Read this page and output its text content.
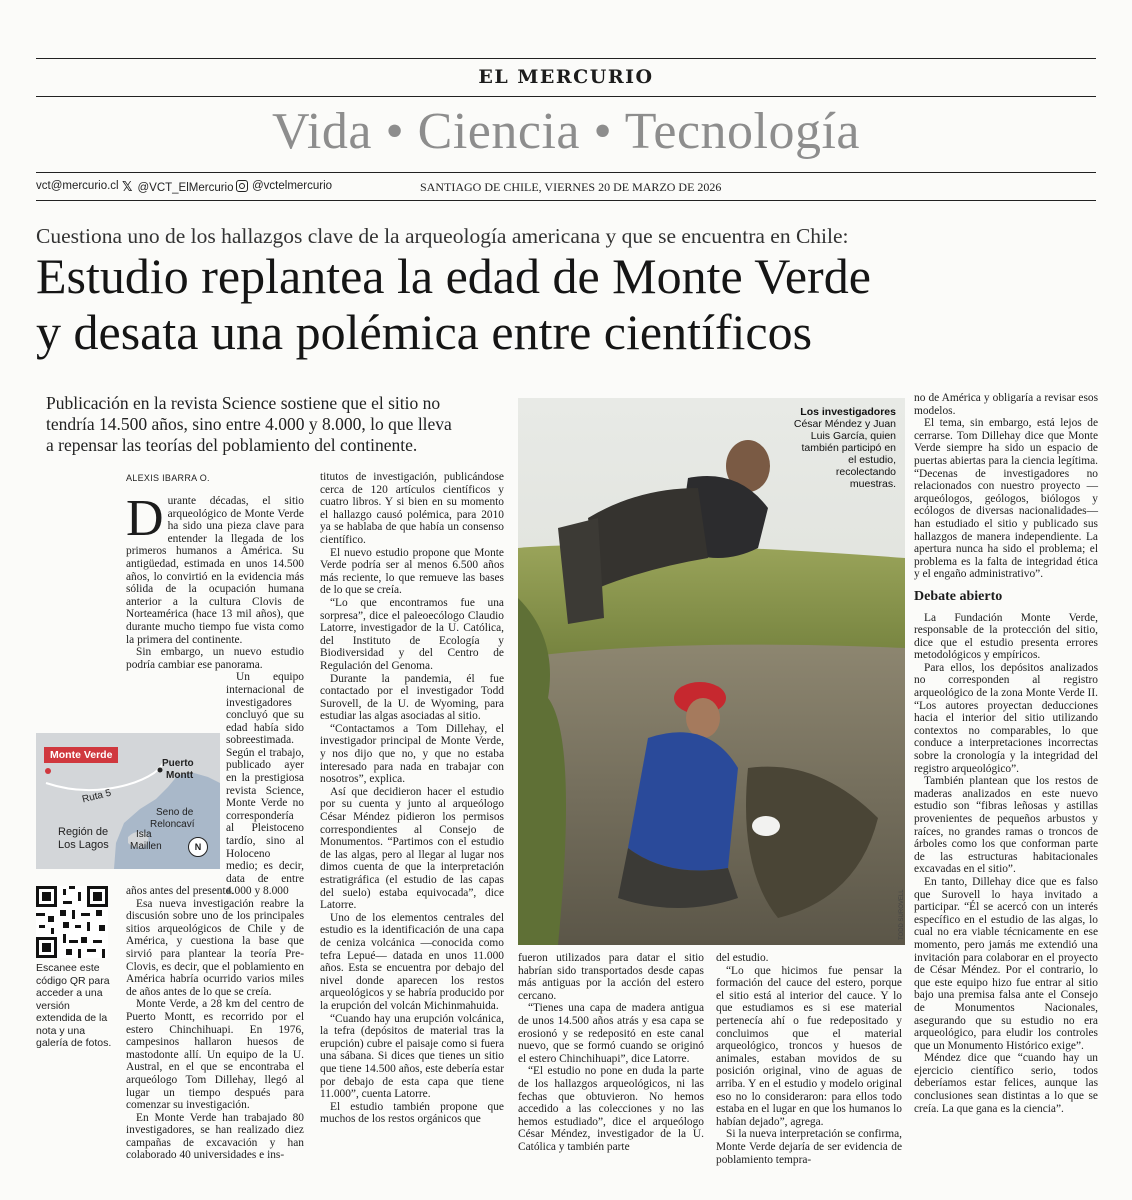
EL MERCURIO
Vida • Ciencia • Tecnología
vct@mercurio.cl 𝕏 @VCT_ElMercurio @vctelmercurio	SANTIAGO DE CHILE, VIERNES 20 DE MARZO DE 2026
Cuestiona uno de los hallazgos clave de la arqueología americana y que se encuentra en Chile:
Estudio replantea la edad de Monte Verde
y desata una polémica entre científicos
Publicación en la revista Science sostiene que el sitio no
tendría 14.500 años, sino entre 4.000 y 8.000, lo que lleva
a repensar las teorías del poblamiento del continente.
ALEXIS IBARRA O.
Monte Verde
Puerto
Montt
Ruta 5
Seno de
Reloncaví
Isla
Maillen
Región de
Los Lagos	N
Escanee este código QR para acceder a una versión extendida de la nota y una galería de fotos.
Los investigadores
César Méndez y Juan Luis García, quien también participó en el estudio, recolectando muestras.
TODD SUROVELL

Durante décadas, el sitio arqueológico de Monte Verde ha sido una pieza clave para entender la llegada de los primeros humanos a América. Su antigüedad, estimada en unos 14.500 años, lo convirtió en la evidencia más sólida de la ocupación humana anterior a la cultura Clovis de Norteamérica (hace 13 mil años), que durante mucho tiempo fue vista como la primera del continente.

Sin embargo, un nuevo estudio podría cambiar ese panorama.

Un equipo internacional de investigadores concluyó que su edad había sido sobreestimada. Según el trabajo, publicado ayer en la prestigiosa revista Science, Monte Verde no correspondería al Pleistoceno tardío, sino al Holoceno medio; es decir, data de entre 4.000 y 8.000

años antes del presente.

Esa nueva investigación reabre la discusión sobre uno de los principales sitios arqueológicos de Chile y de América, y cuestiona la base que sirvió para plantear la teoría Pre-Clovis, es decir, que el poblamiento en América habría ocurrido varios miles de años antes de lo que se creía.

Monte Verde, a 28 km del centro de Puerto Montt, es recorrido por el estero Chinchihuapi. En 1976, campesinos hallaron huesos de mastodonte allí. Un equipo de la U. Austral, en el que se encontraba el arqueólogo Tom Dillehay, llegó al lugar un tiempo después para comenzar su investigación.

En Monte Verde han trabajado 80 investigadores, se han realizado diez campañas de excavación y han colaborado 40 universidades e ins-

titutos de investigación, publicándose cerca de 120 artículos científicos y cuatro libros. Y si bien en su momento el hallazgo causó polémica, para 2010 ya se hablaba de que había un consenso científico.

El nuevo estudio propone que Monte Verde podría ser al menos 6.500 años más reciente, lo que remueve las bases de lo que se creía.

“Lo que encontramos fue una sorpresa”, dice el paleoecólogo Claudio Latorre, investigador de la U. Católica, del Instituto de Ecología y Biodiversidad y del Centro de Regulación del Genoma.

Durante la pandemia, él fue contactado por el investigador Todd Surovell, de la U. de Wyoming, para estudiar las algas asociadas al sitio.

“Contactamos a Tom Dillehay, el investigador principal de Monte Verde, y nos dijo que no, y que no estaba interesado para nada en trabajar con nosotros”, explica.

Así que decidieron hacer el estudio por su cuenta y junto al arqueólogo César Méndez pidieron los permisos correspondientes al Consejo de Monumentos. “Partimos con el estudio de las algas, pero al llegar al lugar nos dimos cuenta de que la interpretación estratigráfica (el estudio de las capas del suelo) estaba equivocada”, dice Latorre.

Uno de los elementos centrales del estudio es la identificación de una capa de ceniza volcánica —conocida como tefra Lepué— datada en unos 11.000 años. Esta se encuentra por debajo del nivel donde aparecen los restos arqueológicos y se habría producido por la erupción del volcán Michinmahuida.

“Cuando hay una erupción volcánica, la tefra (depósitos de material tras la erupción) cubre el paisaje como si fuera una sábana. Si dices que tienes un sitio que tiene 14.500 años, este debería estar por debajo de esta capa que tiene 11.000”, cuenta Latorre.

El estudio también propone que muchos de los restos orgánicos que

fueron utilizados para datar el sitio habrían sido transportados desde capas más antiguas por la acción del estero cercano.

“Tienes una capa de madera antigua de unos 14.500 años atrás y esa capa se erosionó y se redepositó en este canal nuevo, que se formó cuando se originó el estero Chinchihuapi”, dice Latorre.

“El estudio no pone en duda la parte de los hallazgos arqueológicos, ni las fechas que obtuvieron. No hemos accedido a las colecciones y no las hemos estudiado”, dice el arqueólogo César Méndez, investigador de la U. Católica y también parte

del estudio.

“Lo que hicimos fue pensar la formación del cauce del estero, porque el sitio está al interior del cauce. Y lo que estudiamos es si ese material pertenecía ahí o fue redepositado y concluimos que el material arqueológico, troncos y huesos de animales, estaban movidos de su posición original, vino de aguas de arriba. Y en el estudio y modelo original eso no lo consideraron: para ellos todo estaba en el lugar en que los humanos lo habían dejado”, agrega.

Si la nueva interpretación se confirma, Monte Verde dejaría de ser evidencia de poblamiento tempra-

no de América y obligaría a revisar esos modelos.

El tema, sin embargo, está lejos de cerrarse. Tom Dillehay dice que Monte Verde siempre ha sido un espacio de puertas abiertas para la ciencia legítima. “Decenas de investigadores no relacionados con nuestro proyecto —arqueólogos, geólogos, biólogos y ecólogos de diversas nacionalidades— han estudiado el sitio y publicado sus hallazgos de manera independiente. La apertura nunca ha sido el problema; el problema es la falta de integridad ética y el engaño administrativo”.

Debate abierto

La Fundación Monte Verde, responsable de la protección del sitio, dice que el estudio presenta errores metodológicos y empíricos.

Para ellos, los depósitos analizados no corresponden al registro arqueológico de la zona Monte Verde II. “Los autores proyectan deducciones hacia el interior del sitio utilizando contextos no comparables, lo que conduce a interpretaciones incorrectas sobre la cronología y la integridad del registro arqueológico”.

También plantean que los restos de maderas analizados en este nuevo estudio son “fibras leñosas y astillas provenientes de pequeños arbustos y raíces, no grandes ramas o troncos de árboles como los que conforman parte de las estructuras habitacionales excavadas en el sitio”.

En tanto, Dillehay dice que es falso que Surovell lo haya invitado a participar. “Él se acercó con un interés específico en el estudio de las algas, lo cual no era viable técnicamente en ese momento, pero jamás me extendió una invitación para colaborar en el proyecto de César Méndez. Por el contrario, lo que este equipo hizo fue entrar al sitio bajo una premisa falsa ante el Consejo de Monumentos Nacionales, asegurando que su estudio no era arqueológico, para eludir los controles que un Monumento Histórico exige”.

Méndez dice que “cuando hay un ejercicio científico serio, todos deberíamos estar felices, aunque las conclusiones sean distintas a lo que se creía. La que gana es la ciencia”.
